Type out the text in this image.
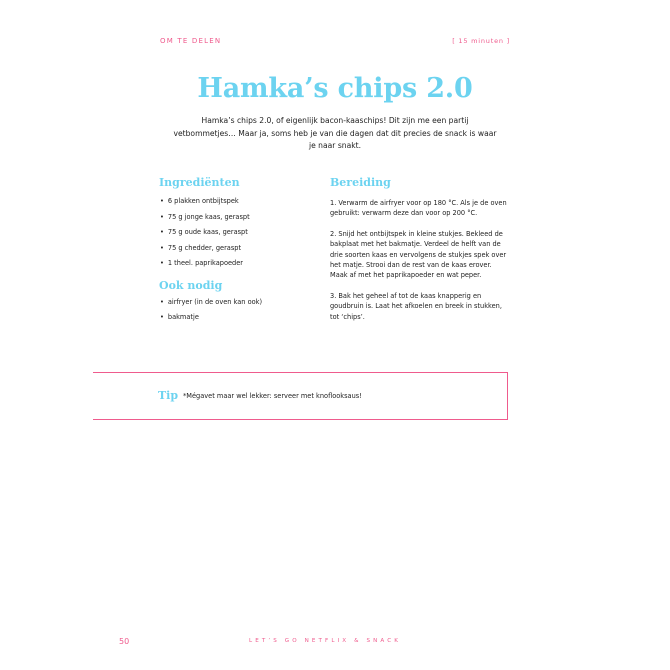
OM TE DELEN	[ 15 minuten ]
Hamka’s chips 2.0
Hamka’s chips 2.0, of eigenlijk bacon-kaaschips! Dit zijn me een partij vetbommetjes… Maar ja, soms heb je van die dagen dat dit precies de snack is waar je naar snakt.
Ingrediënten
• 6 plakken ontbijtspek
• 75 g jonge kaas, geraspt
• 75 g oude kaas, geraspt
• 75 g chedder, geraspt
• 1 theel. paprikapoeder
Ook nodig
• airfryer (in de oven kan ook)
• bakmatje
Bereiding
1. Verwarm de airfryer voor op 180 °C. Als je de oven gebruikt: verwarm deze dan voor op 200 °C.
2. Snijd het ontbijtspek in kleine stukjes. Bekleed de bakplaat met het bakmatje. Verdeel de helft van de drie soorten kaas en vervolgens de stukjes spek over het matje. Strooi dan de rest van de kaas erover. Maak af met het paprikapoeder en wat peper.
3. Bak het geheel af tot de kaas knapperig en goudbruin is. Laat het afkoelen en breek in stukken, tot ‘chips’.
Tip *Mégavet maar wel lekker: serveer met knoflooksaus!
50	LET’S GO NETFLIX & SNACK
